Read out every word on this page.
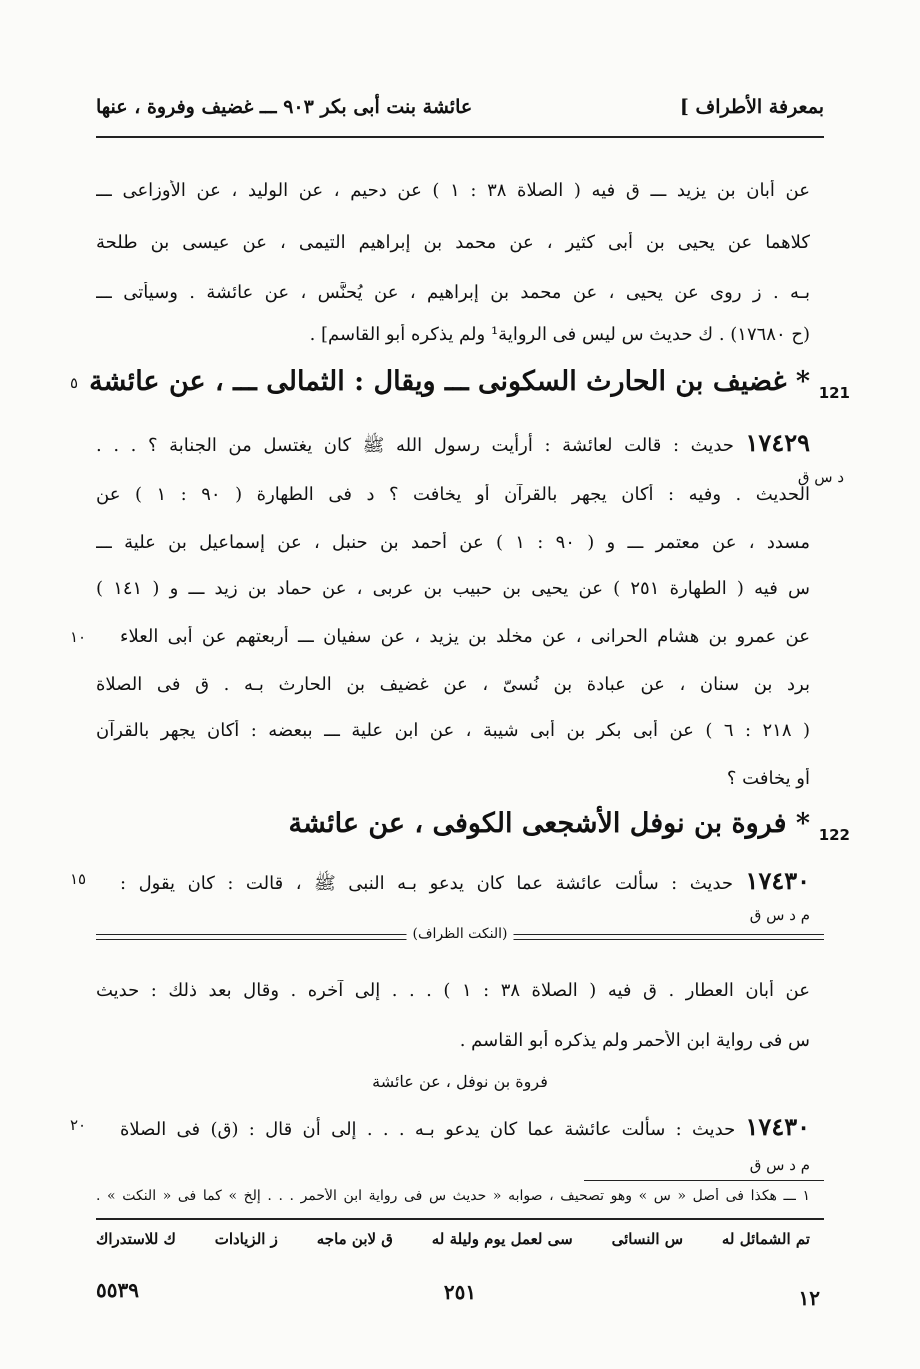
بمعرفة الأطراف ]
عائشة بنت أبى بكر ٩٠٣ ـــ غضيف وفروة ، عنها
عن أبان بن يزيد ـــ ق فيه ( الصلاة ٣٨ : ١ ) عن دحيم ، عن الوليد ، عن الأوزاعى ـــ
كلاهما عن يحيى بن أبى كثير ، عن محمد بن إبراهيم التيمى ، عن عيسى بن طلحة
بـه . ز روى عن يحيى ، عن محمد بن إبراهيم ، عن يُحنَّس ، عن عائشة . وسيأتى ـــ
(ح ١٧٦٨٠) . ك حديث س ليس فى الرواية¹ ولم يذكره أبو القاسم] .
121
٥ * غضيف بن الحارث السكونى ـــ ويقال : الثمالى ـــ ، عن عائشة
١٧٤٢٩ حديث : قالت لعائشة : أرأيت رسول الله ﷺ كان يغتسل من الجنابة ؟ . . .
د س ق
الحديث . وفيه : أكان يجهر بالقرآن أو يخافت ؟ د فى الطهارة ( ٩٠ : ١ ) عن
مسدد ، عن معتمر ـــ و ( ٩٠ : ١ ) عن أحمد بن حنبل ، عن إسماعيل بن علية ـــ
س فيه ( الطهارة ٢٥١ ) عن يحيى بن حبيب بن عربى ، عن حماد بن زيد ـــ و ( ١٤١ )
عن عمرو بن هشام الحرانى ، عن مخلد بن يزيد ، عن سفيان ـــ أربعتهم عن أبى العلاء
١٠
برد بن سنان ، عن عبادة بن نُسىّ ، عن غضيف بن الحارث بـه . ق فى الصلاة
( ٢١٨ : ٦ ) عن أبى بكر بن أبى شيبة ، عن ابن علية ـــ ببعضه : أكان يجهر بالقرآن
أو يخافت ؟
122
* فروة بن نوفل الأشجعى الكوفى ، عن عائشة
١٧٤٣٠ حديث : سألت عائشة عما كان يدعو بـه النبى ﷺ ، قالت : كان يقول :
١٥
م د س ق
(النكت الظراف)
عن أبان العطار . ق فيه ( الصلاة ٣٨ : ١ ) . . . إلى آخره . وقال بعد ذلك : حديث
س فى رواية ابن الأحمر ولم يذكره أبو القاسم .
فروة بن نوفل ، عن عائشة
١٧٤٣٠ حديث : سألت عائشة عما كان يدعو بـه . . . إلى أن قال : (ق) فى الصلاة
٢٠
م د س ق
١ ـــ هكذا فى أصل « س » وهو تصحيف ، صوابه « حديث س فى رواية ابن الأحمر . . . إلخ » كما فى « النكت » .
تم الشمائل له
س النسائى
سى لعمل يوم وليلة له
ق لابن ماجه
ز الزيادات
ك للاستدراك
١٢
٢٥١
٥٥٣٩
